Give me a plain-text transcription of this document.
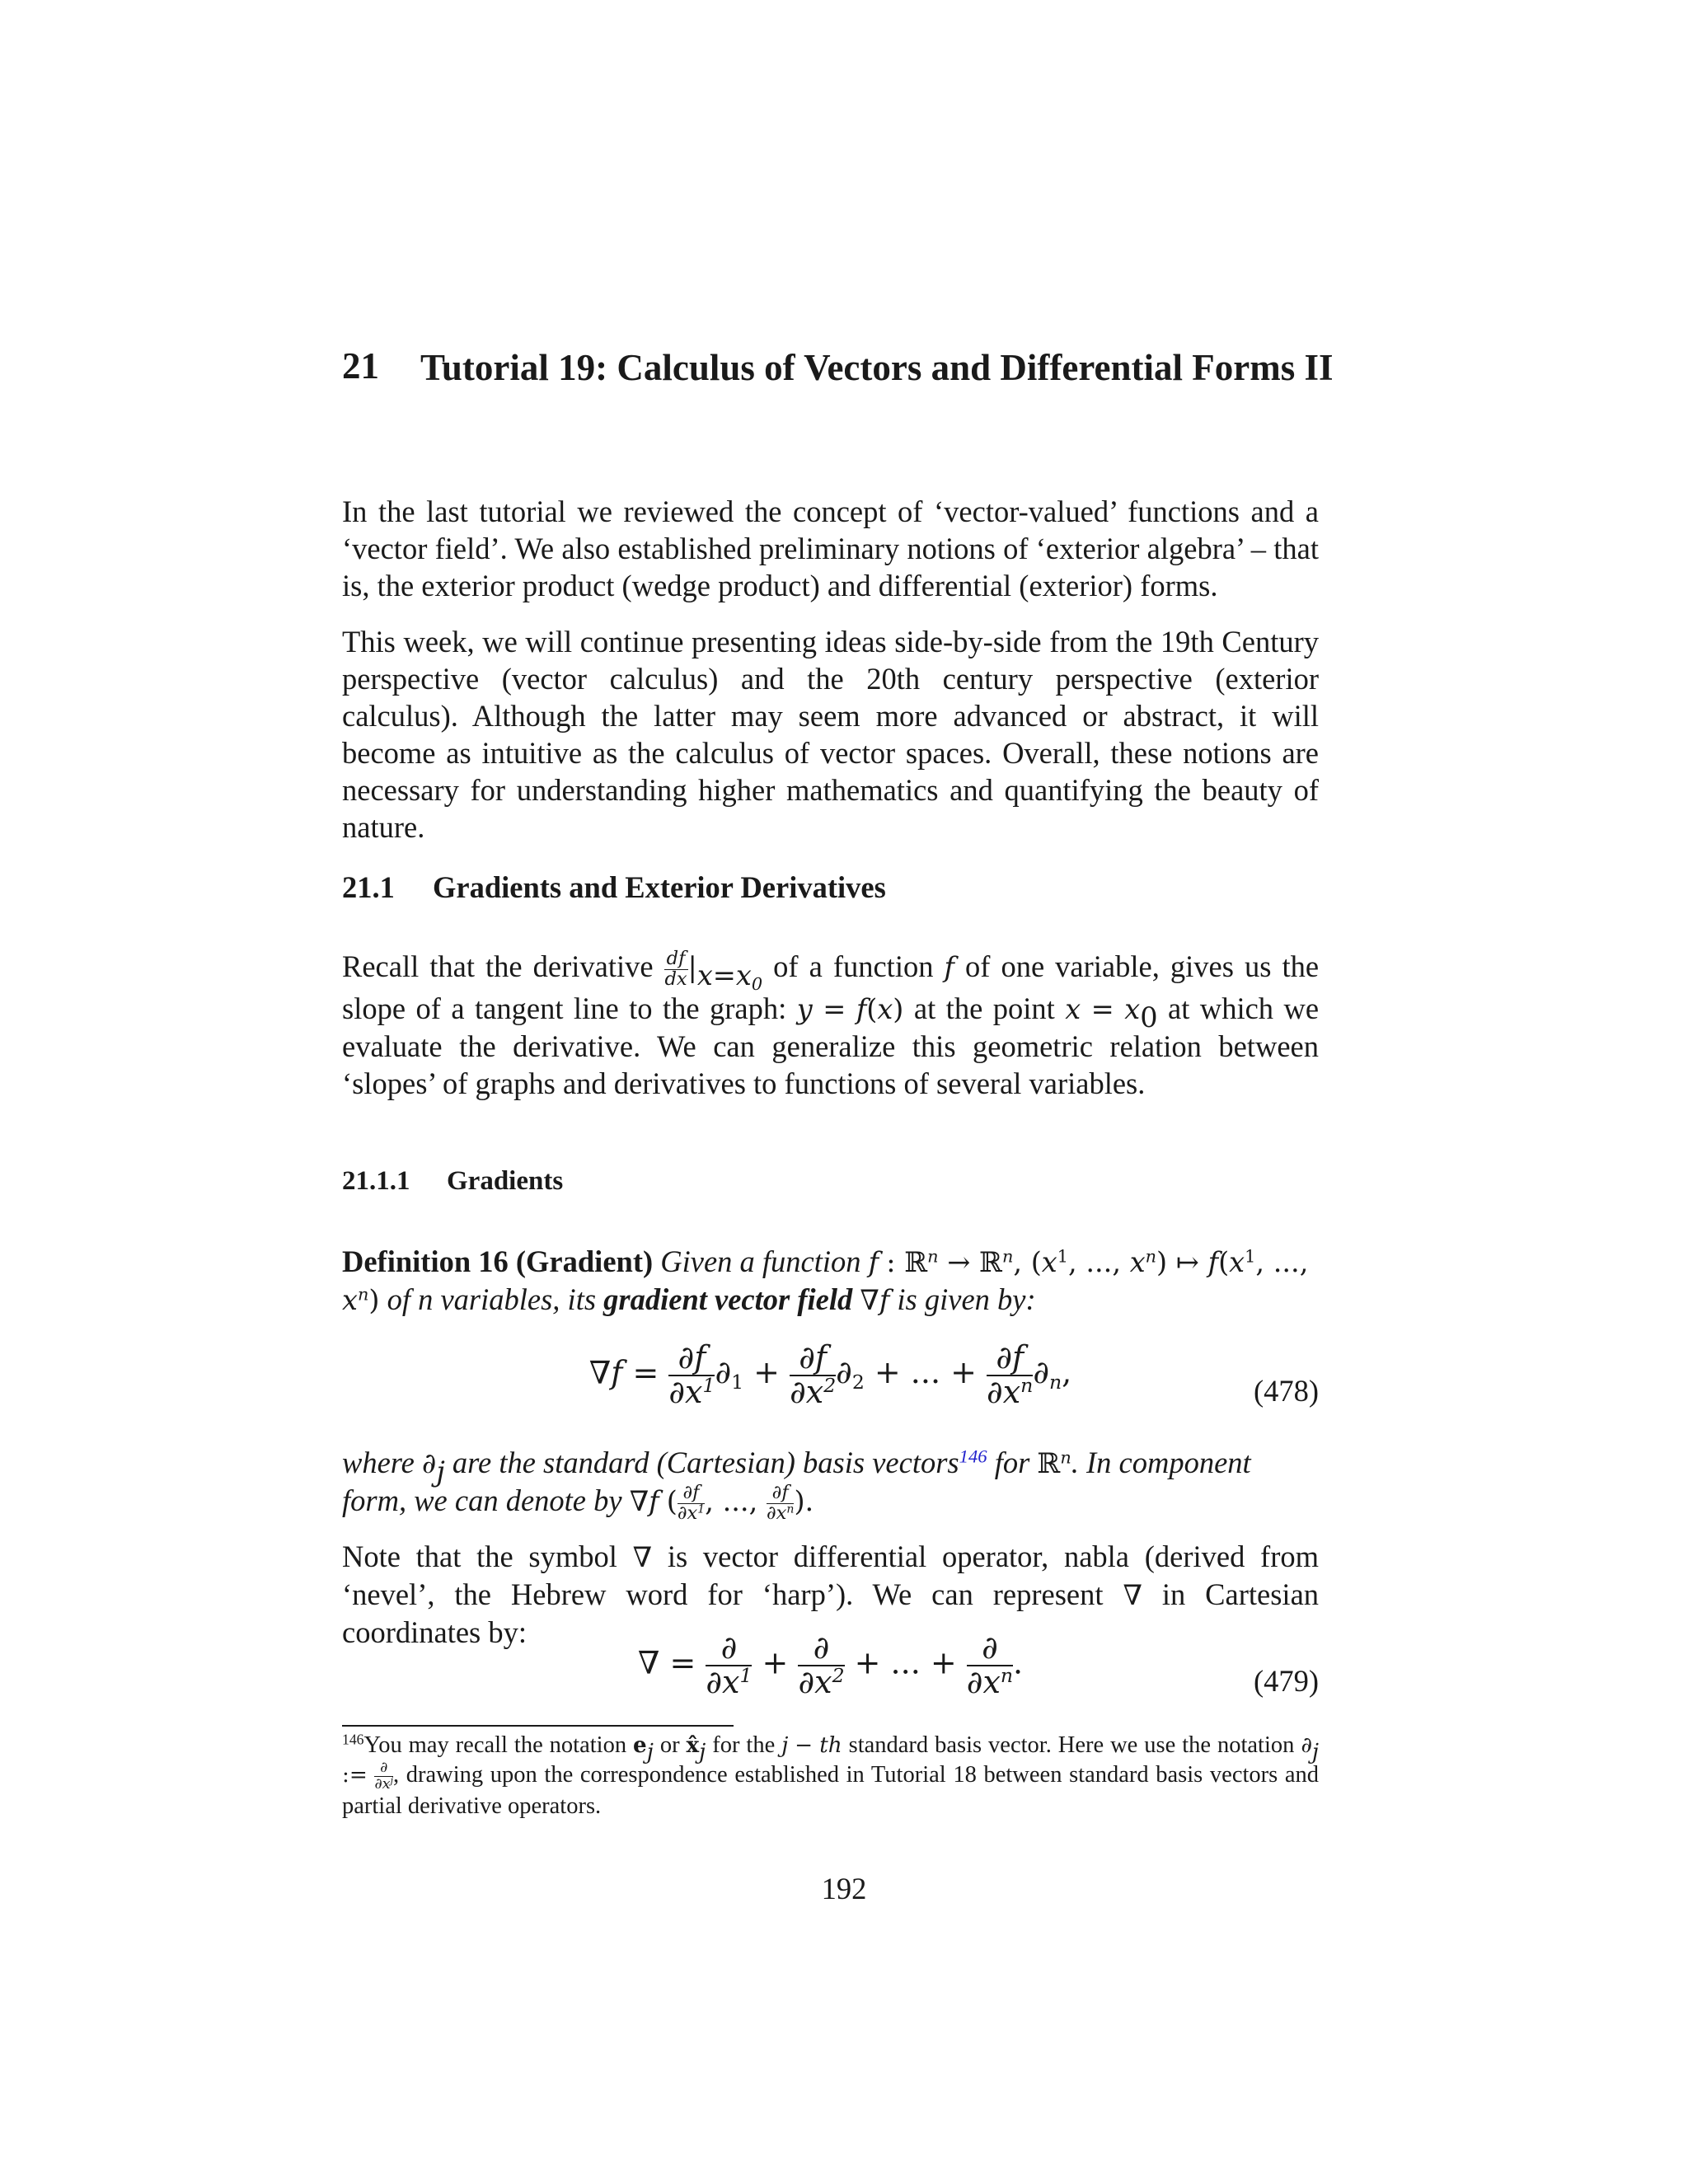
21 Tutorial 19: Calculus of Vectors and Differential Forms II

In the last tutorial we reviewed the concept of ‘vector-valued’ functions and a ‘vector field’. We also established preliminary notions of ‘exterior algebra’ – that is, the exterior product (wedge product) and differential (exterior) forms.

This week, we will continue presenting ideas side-by-side from the 19th Century perspective (vector calculus) and the 20th century perspective (exterior calculus). Although the latter may seem more advanced or abstract, it will become as intuitive as the calculus of vector spaces. Overall, these notions are necessary for understanding higher mathematics and quantifying the beauty of nature.

21.1 Gradients and Exterior Derivatives

Recall that the derivative $\frac{df}{dx} |_{x=x_0}$ of a function f of one variable, gives us the slope of a tangent line to the graph: y = f(x) at the point $x = x_0$ at which we evaluate the derivative. We can generalize this geometric relation between ‘slopes’ of graphs and derivatives to functions of several variables.

21.1.1 Gradients

Definition 16 (Gradient) Given a function f : ℝ$^n$ → ℝ$^n$, ($x^1$, ..., $x^n$) ↦ $f(x^1$, ..., $x^n$) of n variables, its gradient vector field ∇f is given by:

$\nabla f = \frac{\partial f}{\partial x^1} \partial_1 + \frac{\partial f}{\partial x^2} \partial_2$ + ... + $\frac{\partial f}{\partial x^n} \partial_n$,
(478)

where $\partial_j$ are the standard (Cartesian) basis vectors$^{146}$ for ℝ$^n$. In component form, we can denote by ∇f ( $\frac{\partial f}{\partial x^1}$ , ..., $\frac{\partial f}{\partial x^n}$ ).

Note that the symbol ∇ is vector differential operator, nabla (derived from ‘nevel’, the Hebrew word for ‘harp’). We can represent ∇ in Cartesian coordinates by:

∇ = $\frac{\partial}{\partial x^1} + \frac{\partial}{\partial x^2}$ + ... + $\frac{\partial}{\partial x^n}$ .
(479)
$^{146}$You may recall the notation $e_j$ or $x̂_j$ for the j − th standard basis vector. Here we use the notation $\partial_j$ := $\frac{\partial}{\partial x^j}$ , drawing upon the correspondence established in Tutorial 18 between standard basis vectors and partial derivative operators.
192
